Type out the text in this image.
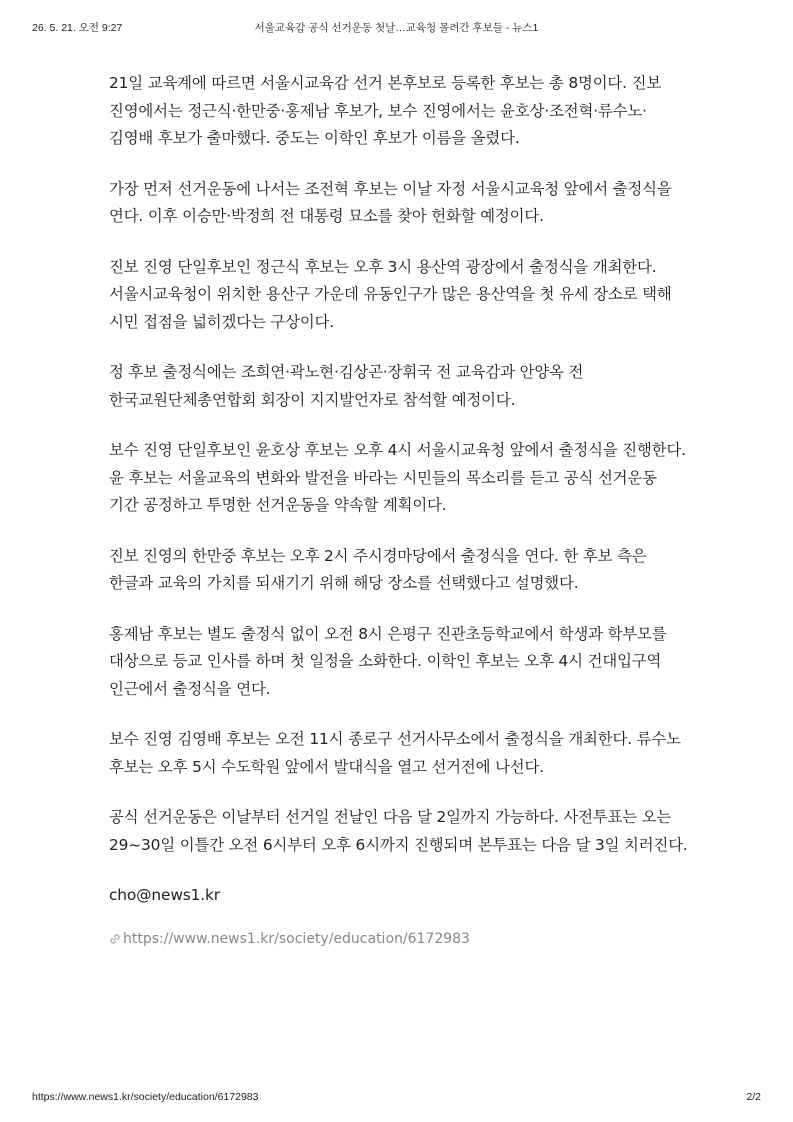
26. 5. 21. 오전 9:27	서울교육감 공식 선거운동 첫날…교육청 몰려간 후보들 - 뉴스1

21일 교육계에 따르면 서울시교육감 선거 본후보로 등록한 후보는 총 8명이다. 진보 진영에서는 정근식·한만중·홍제남 후보가, 보수 진영에서는 윤호상·조전혁·류수노·김영배 후보가 출마했다. 중도는 이학인 후보가 이름을 올렸다.

가장 먼저 선거운동에 나서는 조전혁 후보는 이날 자정 서울시교육청 앞에서 출정식을 연다. 이후 이승만·박정희 전 대통령 묘소를 찾아 헌화할 예정이다.

진보 진영 단일후보인 정근식 후보는 오후 3시 용산역 광장에서 출정식을 개최한다. 서울시교육청이 위치한 용산구 가운데 유동인구가 많은 용산역을 첫 유세 장소로 택해 시민 접점을 넓히겠다는 구상이다.

정 후보 출정식에는 조희연·곽노현·김상곤·장휘국 전 교육감과 안양옥 전 한국교원단체총연합회 회장이 지지발언자로 참석할 예정이다.

보수 진영 단일후보인 윤호상 후보는 오후 4시 서울시교육청 앞에서 출정식을 진행한다. 윤 후보는 서울교육의 변화와 발전을 바라는 시민들의 목소리를 듣고 공식 선거운동 기간 공정하고 투명한 선거운동을 약속할 계획이다.

진보 진영의 한만중 후보는 오후 2시 주시경마당에서 출정식을 연다. 한 후보 측은 한글과 교육의 가치를 되새기기 위해 해당 장소를 선택했다고 설명했다.

홍제남 후보는 별도 출정식 없이 오전 8시 은평구 진관초등학교에서 학생과 학부모를 대상으로 등교 인사를 하며 첫 일정을 소화한다. 이학인 후보는 오후 4시 건대입구역 인근에서 출정식을 연다.

보수 진영 김영배 후보는 오전 11시 종로구 선거사무소에서 출정식을 개최한다. 류수노 후보는 오후 5시 수도학원 앞에서 발대식을 열고 선거전에 나선다.

공식 선거운동은 이날부터 선거일 전날인 다음 달 2일까지 가능하다. 사전투표는 오는 29~30일 이틀간 오전 6시부터 오후 6시까지 진행되며 본투표는 다음 달 3일 치러진다.

cho@news1.kr

https://www.news1.kr/society/education/6172983
https://www.news1.kr/society/education/6172983	2/2
